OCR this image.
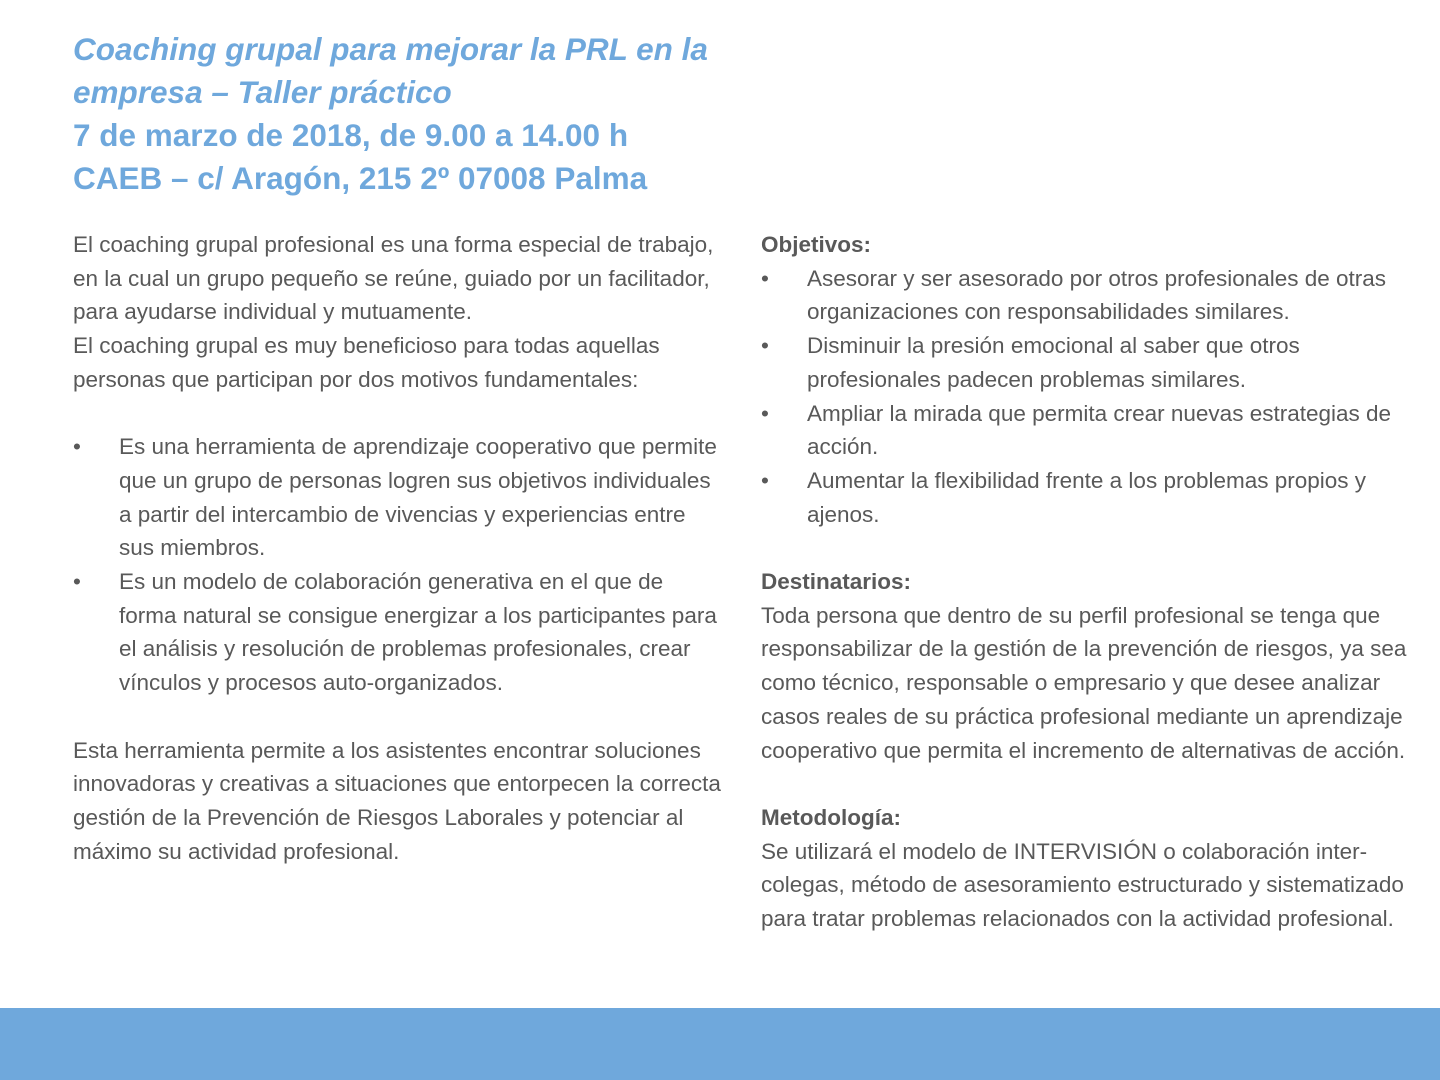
Coaching grupal para mejorar la PRL en la
empresa – Taller práctico
7 de marzo de 2018, de 9.00 a 14.00 h
CAEB – c/ Aragón, 215 2º 07008 Palma

El coaching grupal profesional es una forma especial de trabajo, en la cual un grupo pequeño se reúne, guiado por un facilitador, para ayudarse individual y mutuamente.

El coaching grupal es muy beneficioso para todas aquellas personas que participan por dos motivos fundamentales:

• Es una herramienta de aprendizaje cooperativo que permite que un grupo de personas logren sus objetivos individuales a partir del intercambio de vivencias y experiencias entre sus miembros.
• Es un modelo de colaboración generativa en el que de forma natural se consigue energizar a los participantes para el análisis y resolución de problemas profesionales, crear vínculos y procesos auto-organizados.

Esta herramienta permite a los asistentes encontrar soluciones innovadoras y creativas a situaciones que entorpecen la correcta gestión de la Prevención de Riesgos Laborales y potenciar al máximo su actividad profesional.

Objetivos:
• Asesorar y ser asesorado por otros profesionales de otras organizaciones con responsabilidades similares.
• Disminuir la presión emocional al saber que otros profesionales padecen problemas similares.
• Ampliar la mirada que permita crear nuevas estrategias de acción.
• Aumentar la flexibilidad frente a los problemas propios y ajenos.
Destinatarios:

Toda persona que dentro de su perfil profesional se tenga que responsabilizar de la gestión de la prevención de riesgos, ya sea como técnico, responsable o empresario y que desee analizar casos reales de su práctica profesional mediante un aprendizaje cooperativo que permita el incremento de alternativas de acción.

Metodología:

Se utilizará el modelo de INTERVISIÓN o colaboración inter-colegas, método de asesoramiento estructurado y sistematizado para tratar problemas relacionados con la actividad profesional.
